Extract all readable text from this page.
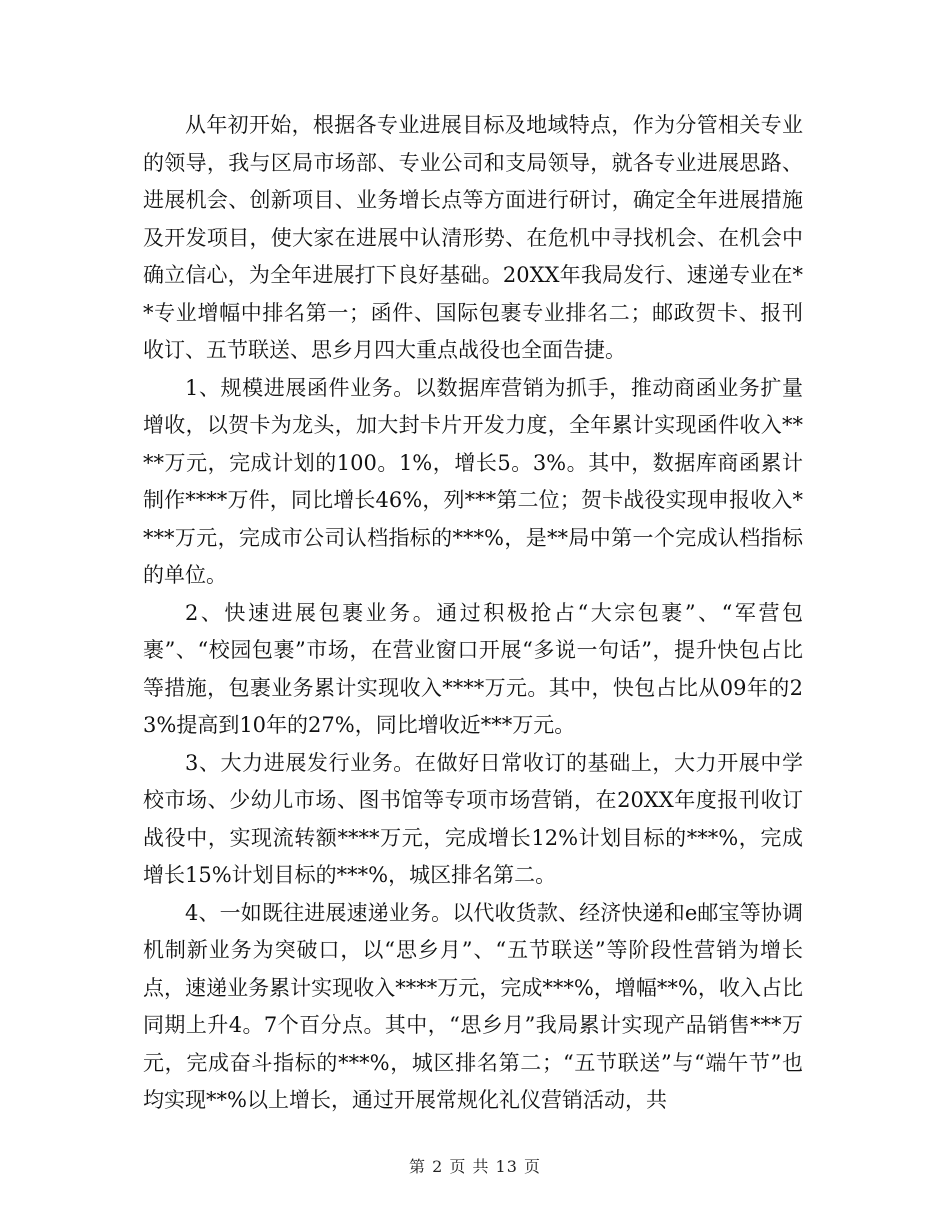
从年初开始，根据各专业进展目标及地域特点，作为分管相关专业的领导，我与区局市场部、专业公司和支局领导，就各专业进展思路、进展机会、创新项目、业务增长点等方面进行研讨，确定全年进展措施及开发项目，使大家在进展中认清形势、在危机中寻找机会、在机会中确立信心，为全年进展打下良好基础。20XX年我局发行、速递专业在**专业增幅中排名第一；函件、国际包裹专业排名二；邮政贺卡、报刊收订、五节联送、思乡月四大重点战役也全面告捷。

1、规模进展函件业务。以数据库营销为抓手，推动商函业务扩量增收，以贺卡为龙头，加大封卡片开发力度，全年累计实现函件收入****万元，完成计划的100。1%，增长5。3%。其中，数据库商函累计制作****万件，同比增长46%，列***第二位；贺卡战役实现申报收入****万元，完成市公司认档指标的***%，是**局中第一个完成认档指标的单位。

2、快速进展包裹业务。通过积极抢占“大宗包裹”、“军营包裹”、“校园包裹”市场，在营业窗口开展“多说一句话”，提升快包占比等措施，包裹业务累计实现收入****万元。其中，快包占比从09年的23%提高到10年的27%，同比增收近***万元。

3、大力进展发行业务。在做好日常收订的基础上，大力开展中学校市场、少幼儿市场、图书馆等专项市场营销，在20XX年度报刊收订战役中，实现流转额****万元，完成增长12%计划目标的***%，完成增长15%计划目标的***%，城区排名第二。

4、一如既往进展速递业务。以代收货款、经济快递和e邮宝等协调机制新业务为突破口，以“思乡月”、“五节联送”等阶段性营销为增长点，速递业务累计实现收入****万元，完成***%，增幅**%，收入占比同期上升4。7个百分点。其中，“思乡月”我局累计实现产品销售***万元，完成奋斗指标的***%，城区排名第二；“五节联送”与“端午节”也均实现**%以上增长，通过开展常规化礼仪营销活动，共

第 2 页 共 13 页
